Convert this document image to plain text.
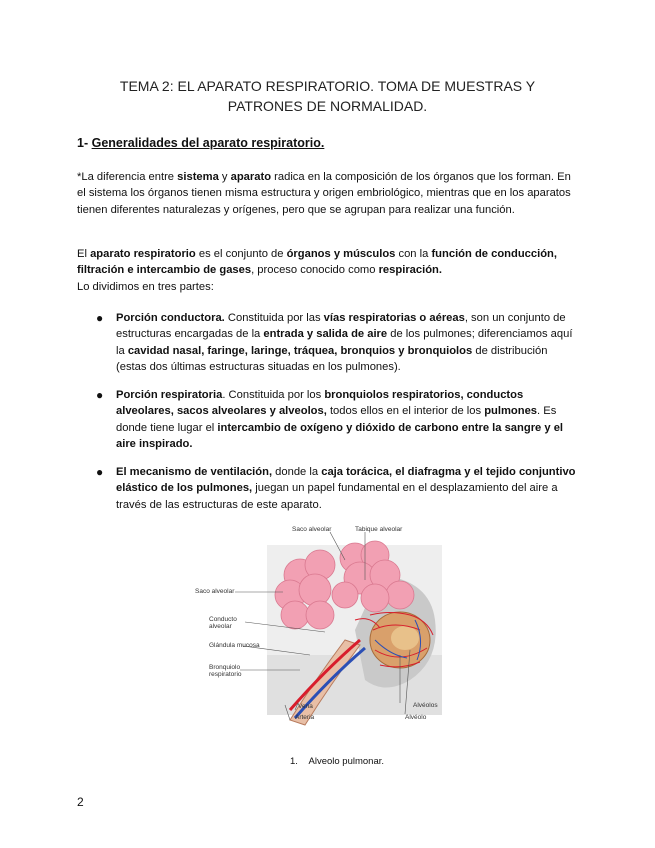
TEMA 2: EL APARATO RESPIRATORIO. TOMA DE MUESTRAS Y PATRONES DE NORMALIDAD.
1- Generalidades del aparato respiratorio.
*La diferencia entre sistema y aparato radica en la composición de los órganos que los forman. En el sistema los órganos tienen misma estructura y origen embriológico, mientras que en los aparatos tienen diferentes naturalezas y orígenes, pero que se agrupan para realizar una función.
El aparato respiratorio es el conjunto de órganos y músculos con la función de conducción, filtración e intercambio de gases, proceso conocido como respiración.
Lo dividimos en tres partes:

● Porción conductora. Constituida por las vías respiratorias o aéreas, son un conjunto de estructuras encargadas de la entrada y salida de aire de los pulmones; diferenciamos aquí la cavidad nasal, faringe, laringe, tráquea, bronquios y bronquiolos de distribución (estas dos últimas estructuras situadas en los pulmones).

● Porción respiratoria. Constituida por los bronquiolos respiratorios, conductos alveolares, sacos alveolares y alveolos, todos ellos en el interior de los pulmones. Es donde tiene lugar el intercambio de oxígeno y dióxido de carbono entre la sangre y el aire inspirado.

● El mecanismo de ventilación, donde la caja torácica, el diafragma y el tejido conjuntivo elástico de los pulmones, juegan un papel fundamental en el desplazamiento del aire a través de las estructuras de este aparato.

Saco alveolar	Tabique alveolar
Saco alveolar
Conducto alveolar
Glándula mucosa
Bronquiolo respiratorio
Vena
Arteria
Alvéolos
Alvéolo
1. Alveolo pulmonar.
2
